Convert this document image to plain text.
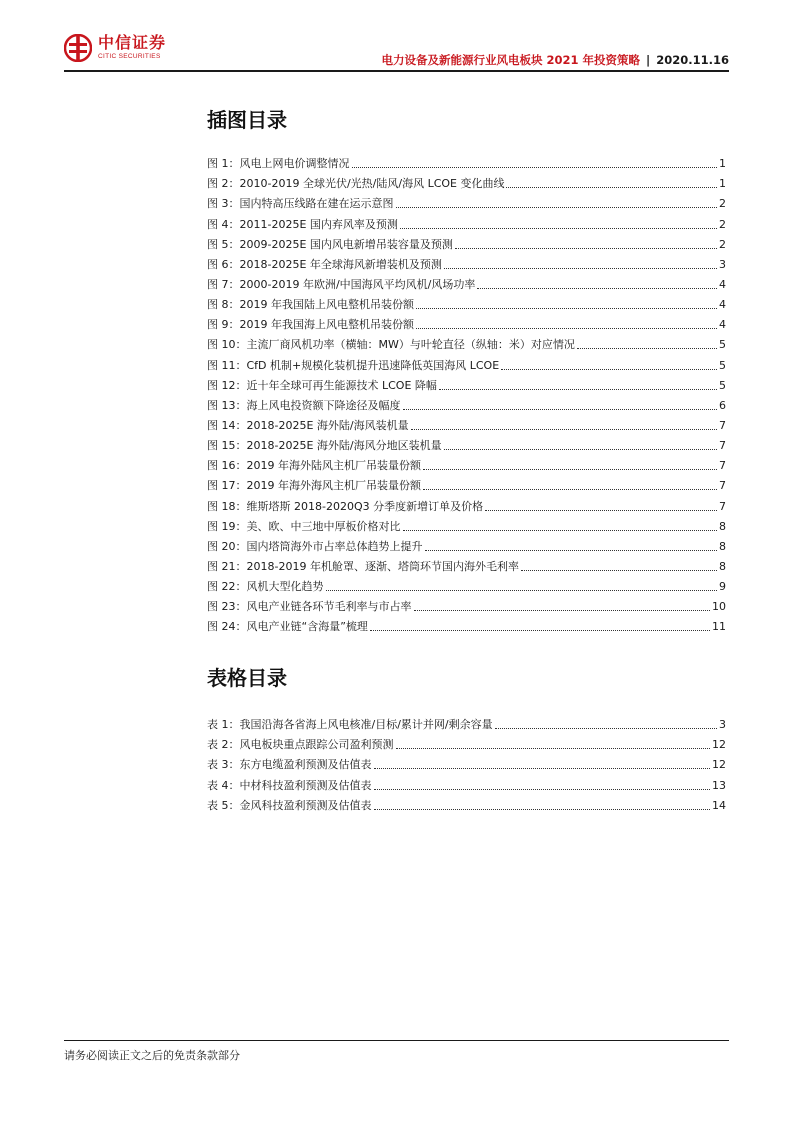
中信证券
CITIC SECURITIES	电力设备及新能源行业风电板块 2021 年投资策略 | 2020.11.16
插图目录
图 1：风电上网电价调整情况	1
图 2：2010-2019 全球光伏/光热/陆风/海风 LCOE 变化曲线	1
图 3：国内特高压线路在建在运示意图	2
图 4：2011-2025E 国内弃风率及预测	2
图 5：2009-2025E 国内风电新增吊装容量及预测	2
图 6：2018-2025E 年全球海风新增装机及预测	3
图 7：2000-2019 年欧洲/中国海风平均风机/风场功率	4
图 8：2019 年我国陆上风电整机吊装份额	4
图 9：2019 年我国海上风电整机吊装份额	4
图 10：主流厂商风机功率（横轴：MW）与叶轮直径（纵轴：米）对应情况	5
图 11：CfD 机制+规模化装机提升迅速降低英国海风 LCOE	5
图 12：近十年全球可再生能源技术 LCOE 降幅	5
图 13：海上风电投资额下降途径及幅度	6
图 14：2018-2025E 海外陆/海风装机量	7
图 15：2018-2025E 海外陆/海风分地区装机量	7
图 16：2019 年海外陆风主机厂吊装量份额	7
图 17：2019 年海外海风主机厂吊装量份额	7
图 18：维斯塔斯 2018-2020Q3 分季度新增订单及价格	7
图 19：美、欧、中三地中厚板价格对比	8
图 20：国内塔筒海外市占率总体趋势上提升	8
图 21：2018-2019 年机舱罩、逐渐、塔筒环节国内海外毛利率	8
图 22：风机大型化趋势	9
图 23：风电产业链各环节毛利率与市占率	10
图 24：风电产业链“含海量”梳理	11
表格目录
表 1：我国沿海各省海上风电核准/目标/累计并网/剩余容量	3
表 2：风电板块重点跟踪公司盈利预测	12
表 3：东方电缆盈利预测及估值表	12
表 4：中材科技盈利预测及估值表	13
表 5：金风科技盈利预测及估值表	14
请务必阅读正文之后的免责条款部分
